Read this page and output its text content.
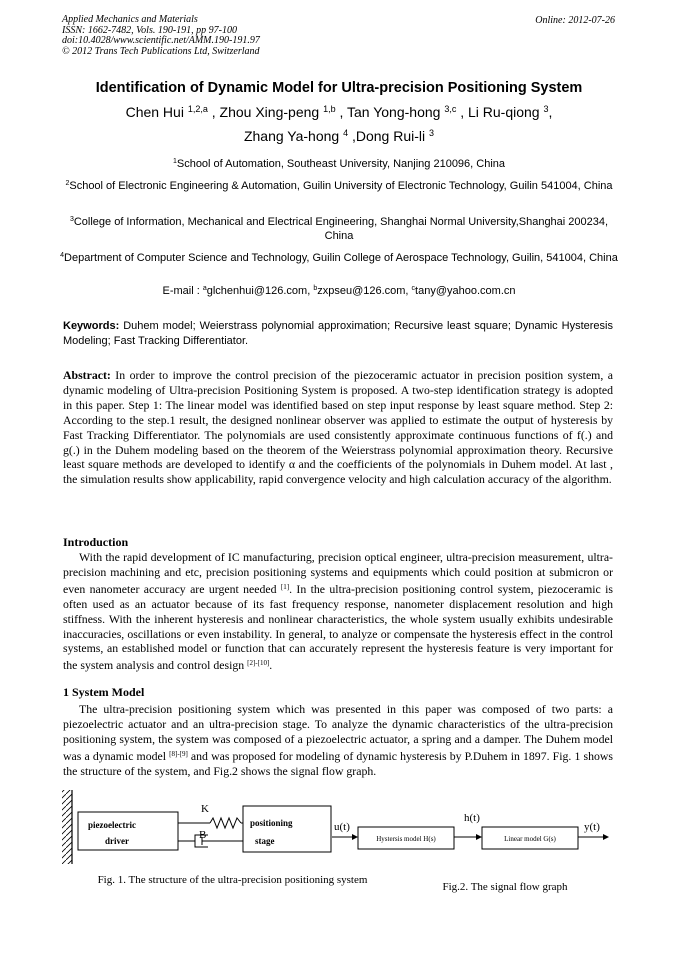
Applied Mechanics and Materials
ISSN: 1662-7482, Vols. 190-191, pp 97-100
doi:10.4028/www.scientific.net/AMM.190-191.97
© 2012 Trans Tech Publications Ltd, Switzerland
Online: 2012-07-26
Identification of Dynamic Model for Ultra-precision Positioning System
Chen Hui $^{1,2,a}$ , Zhou Xing-peng $^{1,b}$ , Tan Yong-hong $^{3,c}$ , Li Ru-qiong $^3$,
Zhang Ya-hong $^4$ ,Dong Rui-li $^3$
$^1$School of Automation, Southeast University, Nanjing 210096, China
$^2$School of Electronic Engineering & Automation, Guilin University of Electronic Technology, Guilin 541004, China
$^3$College of Information, Mechanical and Electrical Engineering, Shanghai Normal University,Shanghai 200234, China
$^4$Department of Computer Science and Technology, Guilin College of Aerospace Technology, Guilin, 541004, China
E-mail : $^a$glchenhui@126.com, $^b$zxpseu@126.com, $^c$tany@yahoo.com.cn
Keywords: Duhem model; Weierstrass polynomial approximation; Recursive least square; Dynamic Hysteresis Modeling; Fast Tracking Differentiator.
Abstract: In order to improve the control precision of the piezoceramic actuator in precision position system, a dynamic modeling of Ultra-precision Positioning System is proposed. A two-step identification strategy is adopted in this paper. Step 1: The linear model was identified based on step input response by least square method. Step 2: According to the step.1 result, the designed nonlinear observer was applied to estimate the output of hysteresis by Fast Tracking Differentiator. The polynomials are used consistently approximate continuous functions of f(.) and g(.) in the Duhem modeling based on the theorem of the Weierstrass polynomial approximation theory. Recursive least square methods are developed to identify α and the coefficients of the polynomials in Duhem model. At last , the simulation results show applicability, rapid convergence velocity and high calculation accuracy of the algorithm.
Introduction
With the rapid development of IC manufacturing, precision optical engineer, ultra-precision measurement, ultra-precision machining and etc, precision positioning systems and equipments which could position at submicron or even nanometer accuracy are urgent needed [1]. In the ultra-precision positioning control system, piezoceramic is often used as an actuator because of its fast frequency response, nanometer displacement resolution and high stiffness. With the inherent hysteresis and nonlinear characteristics, the whole system usually exhibits undesirable inaccuracies, oscillations or even instability. In general, to analyze or compensate the hysteresis effect in the control systems, an established model or function that can accurately represent the hysteresis feature is very important for the system analysis and control design [2]-[10].
1 System Model
The ultra-precision positioning system which was presented in this paper was composed of two parts: a piezoelectric actuator and an ultra-precision stage. To analyze the dynamic characteristics of the ultra-precision positioning system, the system was composed of a piezoelectric actuator, a spring and a damper. The Duhem model was a dynamic model [8]-[9] and was proposed for modeling of dynamic hysteresis by P.Duhem in 1897. Fig. 1 shows the structure of the system, and Fig.2 shows the signal flow graph.
piezoelectric
driver
K
B
positioning
stage
u(t)
Hystersis model H(s)
h(t)
Linear model G(s)
y(t)
Fig. 1. The structure of the ultra-precision positioning system
Fig.2. The signal flow graph
